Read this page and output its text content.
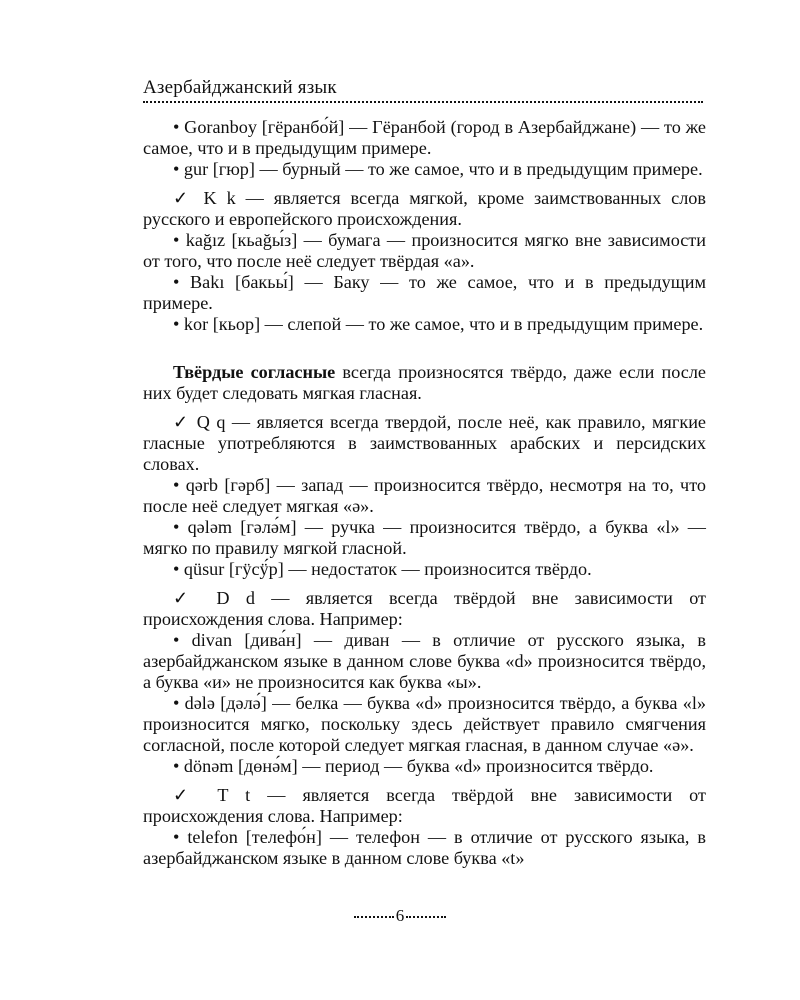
Азербайджанский язык

• Goranboy [гёранбо́й] — Гёранбой (город в Азербайджане) — то же самое, что и в предыдущим примере.

• gur [гюр] — бурный — то же самое, что и в предыдущим примере.

✓ K k — является всегда мягкой, кроме заимствованных слов русского и европейского происхождения.

• kağız [кьаğы́з] — бумага — произносится мягко вне зависимости от того, что после неё следует твёрдая «а».

• Bakı [бакьы́] — Баку — то же самое, что и в предыдущим примере.

• kor [кьор] — слепой — то же самое, что и в предыдущим примере.

Твёрдые согласные всегда произносятся твёрдо, даже если после них будет следовать мягкая гласная.

✓ Q q — является всегда твердой, после неё, как правило, мягкие гласные употребляются в заимствованных арабских и персидских словах.

• qərb [гәрб] — запад — произносится твёрдо, несмотря на то, что после неё следует мягкая «ә».

• qələm [гәлә́м] — ручка — произносится твёрдо, а буква «l» — мягко по правилу мягкой гласной.

• qüsur [гӱсӱ́р] — недостаток — произносится твёрдо.

✓ D d — является всегда твёрдой вне зависимости от происхождения слова. Например:

• divan [дива́н] — диван — в отличие от русского языка, в азербайджанском языке в данном слове буква «d» произносится твёрдо, а буква «и» не произносится как буква «ы».

• dələ [дәлә́] — белка — буква «d» произносится твёрдо, а буква «l» произносится мягко, поскольку здесь действует правило смягчения согласной, после которой следует мягкая гласная, в данном случае «ә».

• dönəm [дөнә́м] — период — буква «d» произносится твёрдо.

✓ T t — является всегда твёрдой вне зависимости от происхождения слова. Например:

• telefon [телефо́н] — телефон — в отличие от русского языка, в азербайджанском языке в данном слове буква «t»

6
